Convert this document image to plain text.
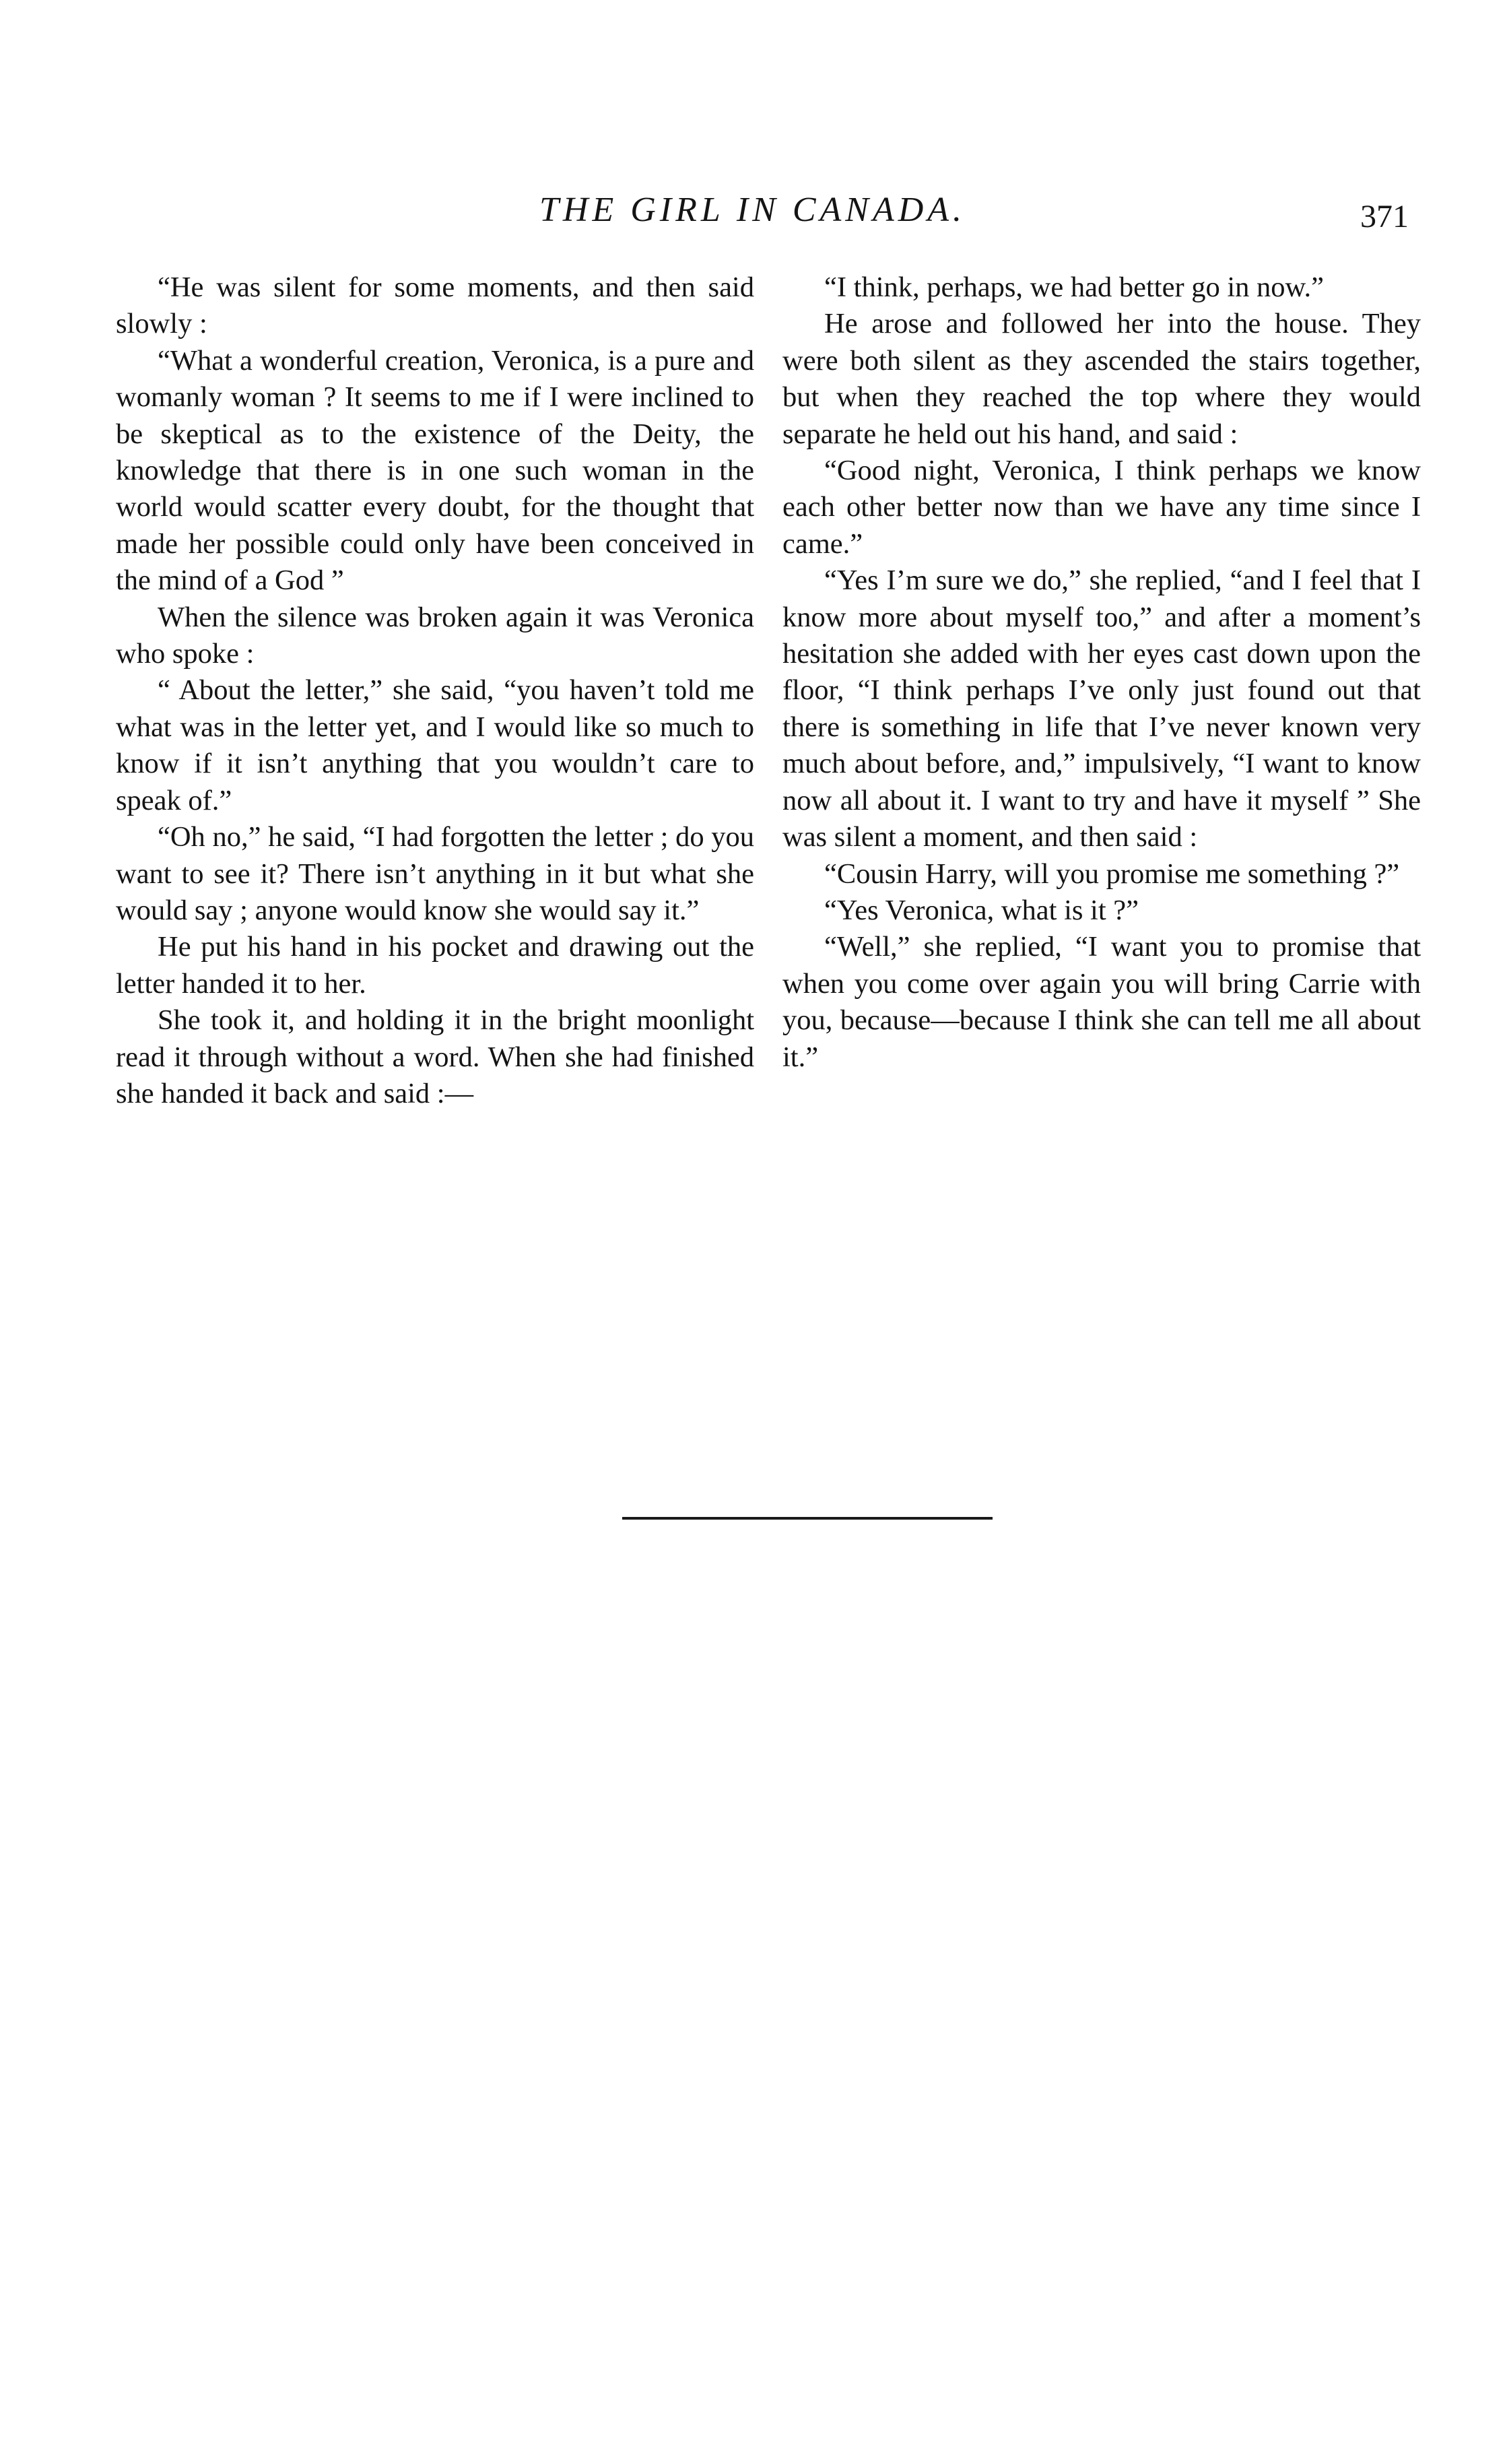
THE GIRL IN CANADA.	371

“He was silent for some moments, and then said slowly :

“What a wonderful creation, Veronica, is a pure and womanly woman ? It seems to me if I were inclined to be skeptical as to the existence of the Deity, the knowledge that there is in one such woman in the world would scatter every doubt, for the thought that made her possible could only have been conceived in the mind of a God ”

When the silence was broken again it was Veronica who spoke :

“ About the letter,” she said, “you haven’t told me what was in the letter yet, and I would like so much to know if it isn’t anything that you wouldn’t care to speak of.”

“Oh no,” he said, “I had forgotten the letter ; do you want to see it? There isn’t anything in it but what she would say ; anyone would know she would say it.”

He put his hand in his pocket and drawing out the letter handed it to her.

She took it, and holding it in the bright moonlight read it through without a word. When she had finished she handed it back and said :—

“I think, perhaps, we had better go in now.”

He arose and followed her into the house. They were both silent as they ascended the stairs together, but when they reached the top where they would separate he held out his hand, and said :

“Good night, Veronica, I think perhaps we know each other better now than we have any time since I came.”

“Yes I’m sure we do,” she replied, “and I feel that I know more about myself too,” and after a moment’s hesitation she added with her eyes cast down upon the floor, “I think perhaps I’ve only just found out that there is something in life that I’ve never known very much about before, and,” impulsively, “I want to know now all about it. I want to try and have it myself ” She was silent a moment, and then said :

“Cousin Harry, will you promise me something ?”

“Yes Veronica, what is it ?”

“Well,” she replied, “I want you to promise that when you come over again you will bring Carrie with you, because—because I think she can tell me all about it.”
